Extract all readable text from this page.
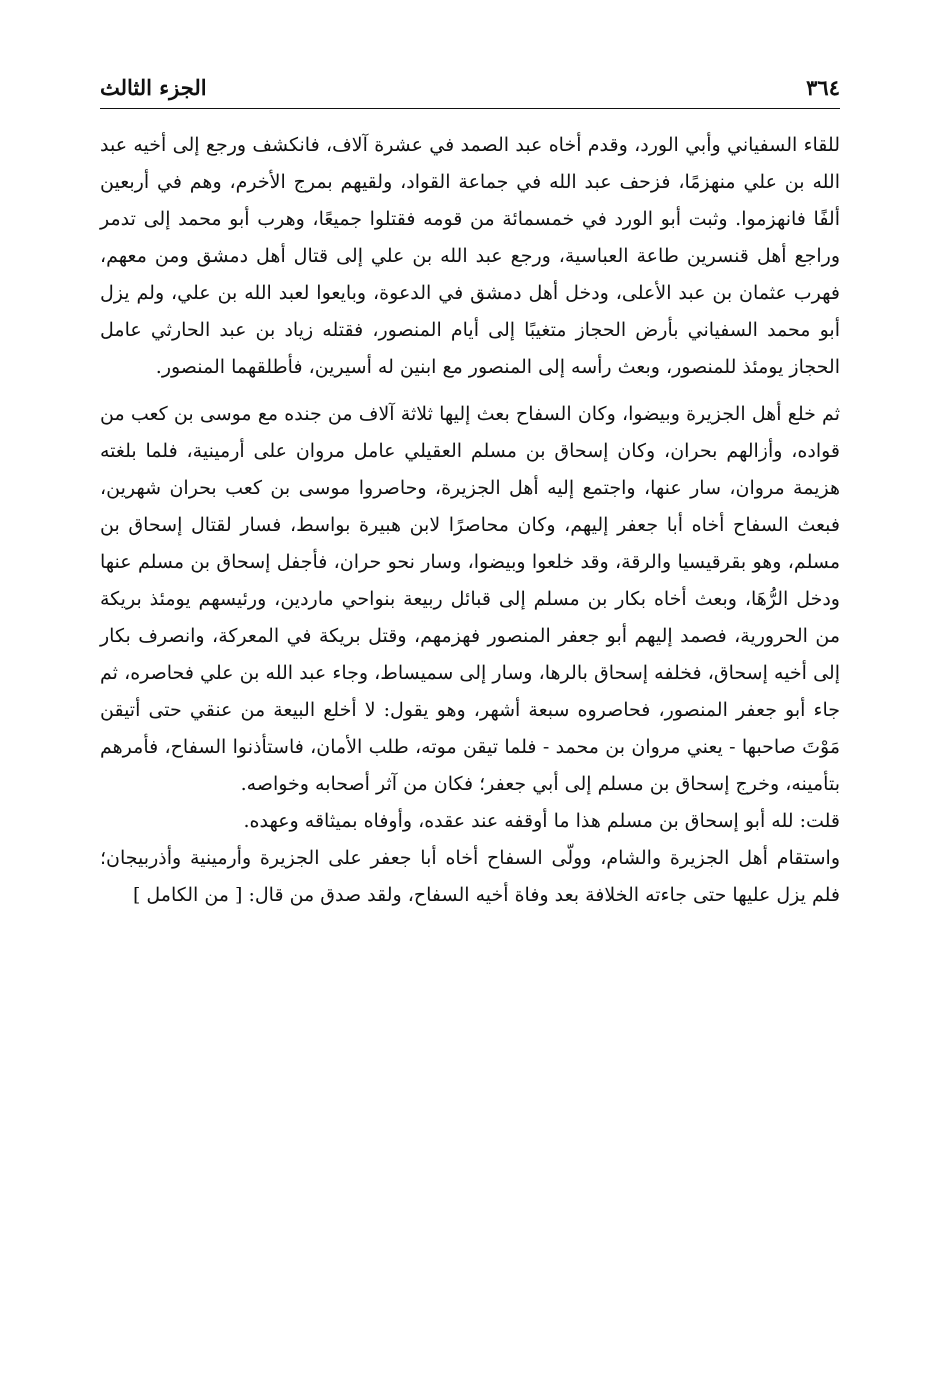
٣٦٤
الجزء الثالث

للقاء السفياني وأبي الورد، وقدم أخاه عبد الصمد في عشرة آلاف، فانكشف ورجع إلى أخيه عبد الله بن علي منهزمًا، فزحف عبد الله في جماعة القواد، ولقيهم بمرج الأخرم، وهم في أربعين ألفًا فانهزموا. وثبت أبو الورد في خمسمائة من قومه فقتلوا جميعًا، وهرب أبو محمد إلى تدمر وراجع أهل قنسرين طاعة العباسية، ورجع عبد الله بن علي إلى قتال أهل دمشق ومن معهم، فهرب عثمان بن عبد الأعلى، ودخل أهل دمشق في الدعوة، وبايعوا لعبد الله بن علي، ولم يزل أبو محمد السفياني بأرض الحجاز متغيبًا إلى أيام المنصور، فقتله زياد بن عبد الحارثي عامل الحجاز يومئذ للمنصور، وبعث رأسه إلى المنصور مع ابنين له أسيرين، فأطلقهما المنصور.

ثم خلع أهل الجزيرة وبيضوا، وكان السفاح بعث إليها ثلاثة آلاف من جنده مع موسى بن كعب من قواده، وأزالهم بحران، وكان إسحاق بن مسلم العقيلي عامل مروان على أرمينية، فلما بلغته هزيمة مروان، سار عنها، واجتمع إليه أهل الجزيرة، وحاصروا موسى بن كعب بحران شهرين، فبعث السفاح أخاه أبا جعفر إليهم، وكان محاصرًا لابن هبيرة بواسط، فسار لقتال إسحاق بن مسلم، وهو بقرقيسيا والرقة، وقد خلعوا وبيضوا، وسار نحو حران، فأجفل إسحاق بن مسلم عنها ودخل الرُّهَا، وبعث أخاه بكار بن مسلم إلى قبائل ربيعة بنواحي ماردين، ورئيسهم يومئذ بريكة من الحرورية، فصمد إليهم أبو جعفر المنصور فهزمهم، وقتل بريكة في المعركة، وانصرف بكار إلى أخيه إسحاق، فخلفه إسحاق بالرها، وسار إلى سميساط، وجاء عبد الله بن علي فحاصره، ثم جاء أبو جعفر المنصور، فحاصروه سبعة أشهر، وهو يقول: لا أخلع البيعة من عنقي حتى أتيقن مَوْتَ صاحبها - يعني مروان بن محمد - فلما تيقن موته، طلب الأمان، فاستأذنوا السفاح، فأمرهم بتأمينه، وخرج إسحاق بن مسلم إلى أبي جعفر؛ فكان من آثر أصحابه وخواصه.

قلت: لله أبو إسحاق بن مسلم هذا ما أوقفه عند عقده، وأوفاه بميثاقه وعهده.

واستقام أهل الجزيرة والشام، وولّى السفاح أخاه أبا جعفر على الجزيرة وأرمينية وأذربيجان؛ فلم يزل عليها حتى جاءته الخلافة بعد وفاة أخيه السفاح، ولقد صدق من قال: [ من الكامل ]
